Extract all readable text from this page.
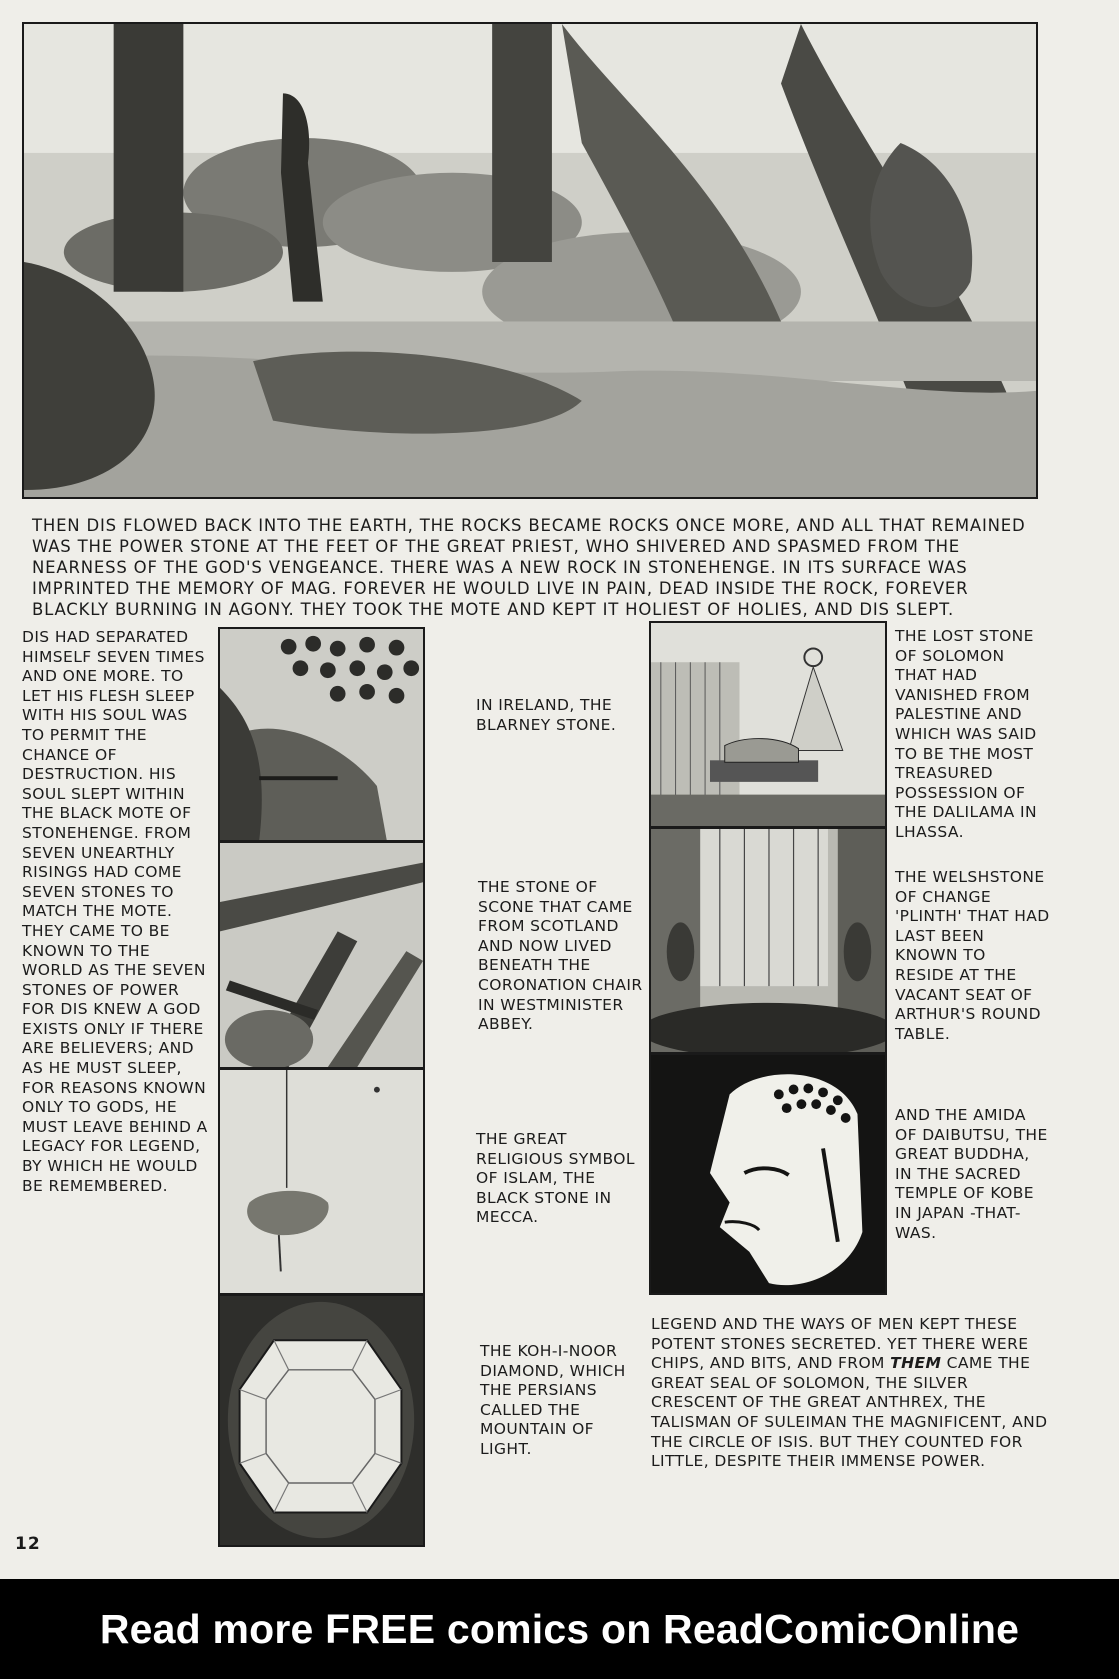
THEN DIS FLOWED BACK INTO THE EARTH, THE ROCKS BECAME ROCKS ONCE MORE, AND ALL THAT REMAINED WAS THE POWER STONE AT THE FEET OF THE GREAT PRIEST, WHO SHIVERED AND SPASMED FROM THE NEARNESS OF THE GOD'S VENGEANCE. THERE WAS A NEW ROCK IN STONEHENGE. IN ITS SURFACE WAS IMPRINTED THE MEMORY OF MAG. FOREVER HE WOULD LIVE IN PAIN, DEAD INSIDE THE ROCK, FOREVER BLACKLY BURNING IN AGONY. THEY TOOK THE MOTE AND KEPT IT HOLIEST OF HOLIES, AND DIS SLEPT.

DIS HAD SEPARATED HIMSELF SEVEN TIMES AND ONE MORE. TO LET HIS FLESH SLEEP WITH HIS SOUL WAS TO PERMIT THE CHANCE OF DESTRUCTION. HIS SOUL SLEPT WITHIN THE BLACK MOTE OF STONEHENGE. FROM SEVEN UNEARTHLY RISINGS HAD COME SEVEN STONES TO MATCH THE MOTE. THEY CAME TO BE KNOWN TO THE WORLD AS THE SEVEN STONES OF POWER FOR DIS KNEW A GOD EXISTS ONLY IF THERE ARE BELIEVERS; AND AS HE MUST SLEEP, FOR REASONS KNOWN ONLY TO GODS, HE MUST LEAVE BEHIND A LEGACY FOR LEGEND, BY WHICH HE WOULD BE REMEMBERED.

IN IRELAND, THE BLARNEY STONE.

THE STONE OF SCONE THAT CAME FROM SCOTLAND AND NOW LIVED BENEATH THE CORONATION CHAIR IN WESTMINISTER ABBEY.

THE GREAT RELIGIOUS SYMBOL OF ISLAM, THE BLACK STONE IN MECCA.

THE KOH-I-NOOR DIAMOND, WHICH THE PERSIANS CALLED THE MOUNTAIN OF LIGHT.

THE LOST STONE OF SOLOMON THAT HAD VANISHED FROM PALESTINE AND WHICH WAS SAID TO BE THE MOST TREASURED POSSESSION OF THE DALILAMA IN LHASSA.

THE WELSHSTONE OF CHANGE 'PLINTH' THAT HAD LAST BEEN KNOWN TO RESIDE AT THE VACANT SEAT OF ARTHUR'S ROUND TABLE.

AND THE AMIDA OF DAIBUTSU, THE GREAT BUDDHA, IN THE SACRED TEMPLE OF KOBE IN JAPAN -THAT-WAS.

LEGEND AND THE WAYS OF MEN KEPT THESE POTENT STONES SECRETED. YET THERE WERE CHIPS, AND BITS, AND FROM THEM CAME THE GREAT SEAL OF SOLOMON, THE SILVER CRESCENT OF THE GREAT ANTHREX, THE TALISMAN OF SULEIMAN THE MAGNIFICENT, AND THE CIRCLE OF ISIS. BUT THEY COUNTED FOR LITTLE, DESPITE THEIR IMMENSE POWER.

12
Read more FREE comics on ReadComicOnline
